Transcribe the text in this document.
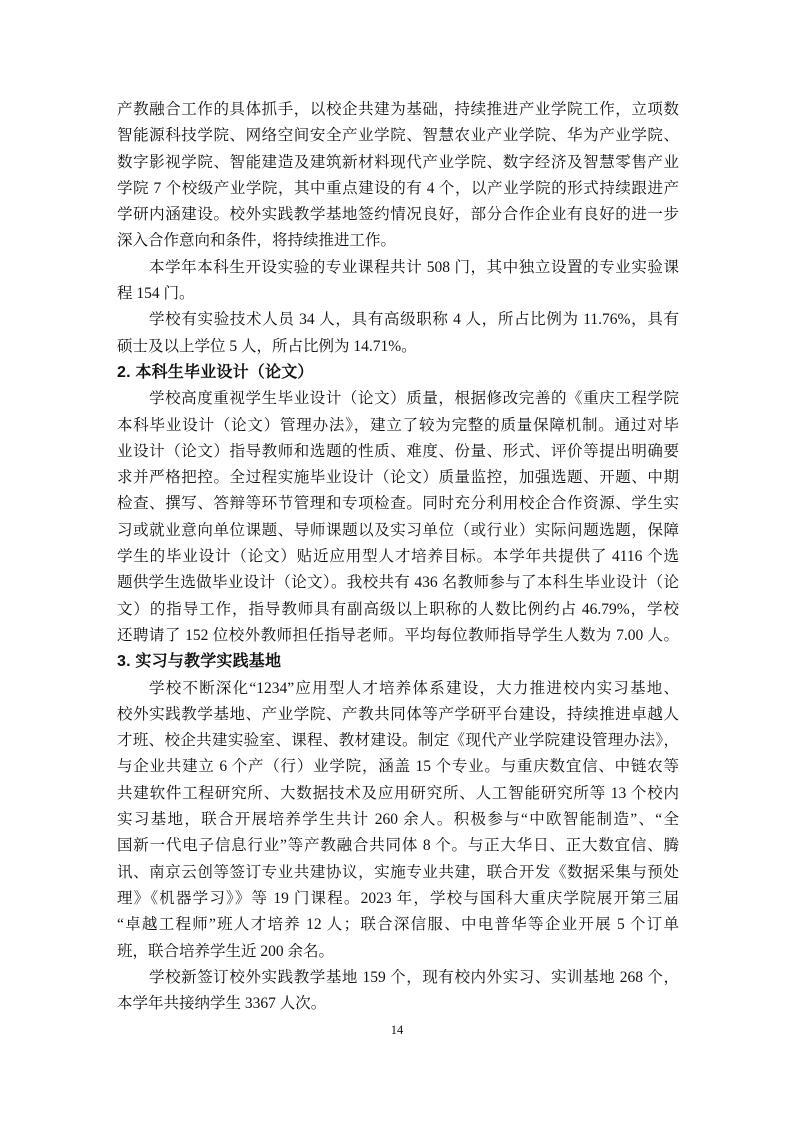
产教融合工作的具体抓手，以校企共建为基础，持续推进产业学院工作，立项数
智能源科技学院、网络空间安全产业学院、智慧农业产业学院、华为产业学院、
数字影视学院、智能建造及建筑新材料现代产业学院、数字经济及智慧零售产业
学院 7 个校级产业学院，其中重点建设的有 4 个，以产业学院的形式持续跟进产
学研内涵建设。校外实践教学基地签约情况良好，部分合作企业有良好的进一步
深入合作意向和条件，将持续推进工作。
本学年本科生开设实验的专业课程共计 508 门，其中独立设置的专业实验课
程 154 门。
学校有实验技术人员 34 人，具有高级职称 4 人，所占比例为 11.76%，具有
硕士及以上学位 5 人，所占比例为 14.71%。
2. 本科生毕业设计（论文）
学校高度重视学生毕业设计（论文）质量，根据修改完善的《重庆工程学院
本科毕业设计（论文）管理办法》，建立了较为完整的质量保障机制。通过对毕
业设计（论文）指导教师和选题的性质、难度、份量、形式、评价等提出明确要
求并严格把控。全过程实施毕业设计（论文）质量监控，加强选题、开题、中期
检查、撰写、答辩等环节管理和专项检查。同时充分利用校企合作资源、学生实
习或就业意向单位课题、导师课题以及实习单位（或行业）实际问题选题，保障
学生的毕业设计（论文）贴近应用型人才培养目标。本学年共提供了 4116 个选
题供学生选做毕业设计（论文）。我校共有 436 名教师参与了本科生毕业设计（论
文）的指导工作，指导教师具有副高级以上职称的人数比例约占 46.79%，学校
还聘请了 152 位校外教师担任指导老师。平均每位教师指导学生人数为 7.00 人。
3. 实习与教学实践基地
学校不断深化“1234”应用型人才培养体系建设，大力推进校内实习基地、
校外实践教学基地、产业学院、产教共同体等产学研平台建设，持续推进卓越人
才班、校企共建实验室、课程、教材建设。制定《现代产业学院建设管理办法》，
与企业共建立 6 个产（行）业学院，涵盖 15 个专业。与重庆数宜信、中链农等
共建软件工程研究所、大数据技术及应用研究所、人工智能研究所等 13 个校内
实习基地，联合开展培养学生共计 260 余人。积极参与“中欧智能制造”、“全
国新一代电子信息行业”等产教融合共同体 8 个。与正大华日、正大数宜信、腾
讯、南京云创等签订专业共建协议，实施专业共建，联合开发《数据采集与预处
理》《机器学习》》等 19 门课程。2023 年，学校与国科大重庆学院展开第三届
“卓越工程师”班人才培养 12 人；联合深信服、中电普华等企业开展 5 个订单
班，联合培养学生近 200 余名。
学校新签订校外实践教学基地 159 个，现有校内外实习、实训基地 268 个，
本学年共接纳学生 3367 人次。
14
